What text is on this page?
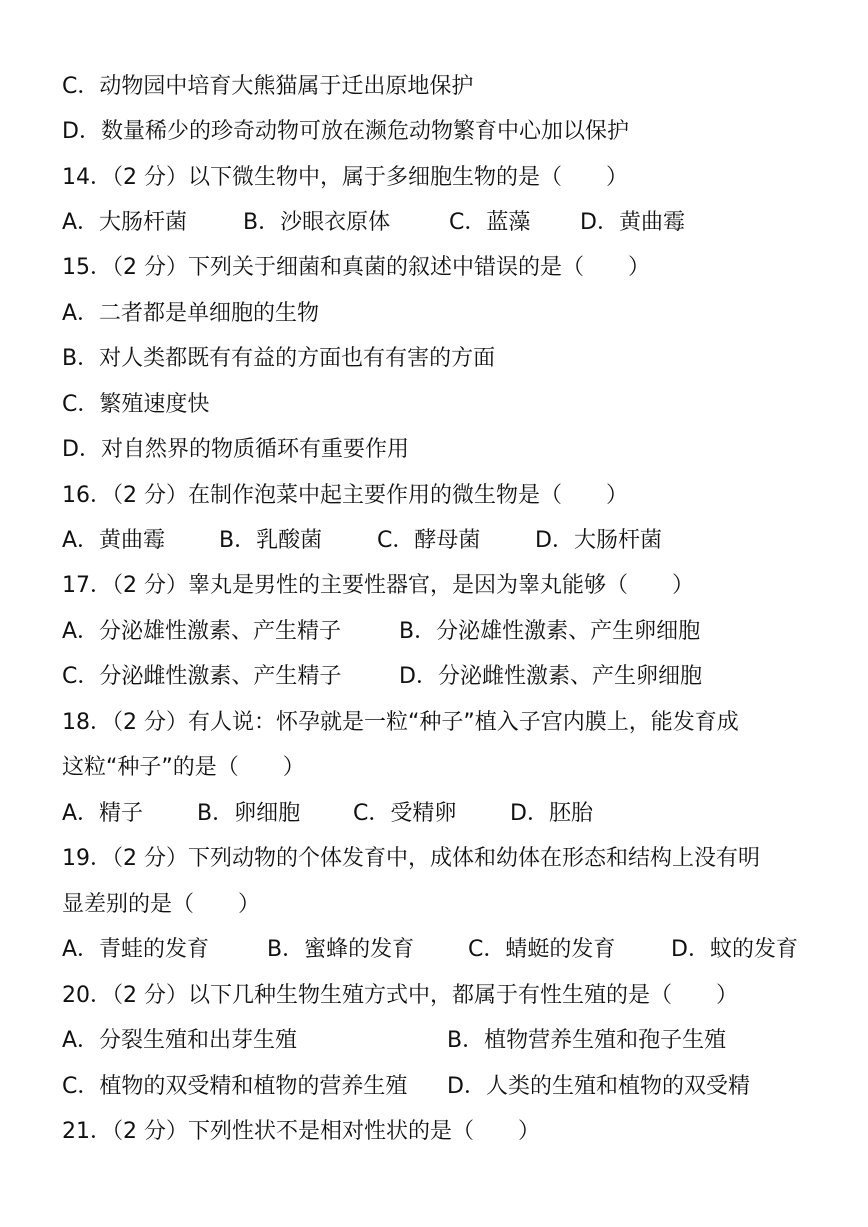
C．动物园中培育大熊猫属于迁出原地保护
D．数量稀少的珍奇动物可放在濒危动物繁育中心加以保护
14．（2 分）以下微生物中，属于多细胞生物的是（　　）
A．大肠杆菌	B．沙眼衣原体	C．蓝藻 D．黄曲霉
15．（2 分）下列关于细菌和真菌的叙述中错误的是（　　）
A．二者都是单细胞的生物
B．对人类都既有有益的方面也有有害的方面
C．繁殖速度快
D．对自然界的物质循环有重要作用
16．（2 分）在制作泡菜中起主要作用的微生物是（　　）
A．黄曲霉 B．乳酸菌 C．酵母菌 D．大肠杆菌
17．（2 分）睾丸是男性的主要性器官，是因为睾丸能够（　　）
A．分泌雄性激素、产生精子	B．分泌雄性激素、产生卵细胞
C．分泌雌性激素、产生精子	D．分泌雌性激素、产生卵细胞
18．（2 分）有人说：怀孕就是一粒“种子”植入子宫内膜上，能发育成
这粒“种子”的是（　　）
A．精子 B．卵细胞 C．受精卵 D．胚胎
19．（2 分）下列动物的个体发育中，成体和幼体在形态和结构上没有明
显差别的是（　　）
A．青蛙的发育	B．蜜蜂的发育 C．蜻蜓的发育	D．蚊的发育
20．（2 分）以下几种生物生殖方式中，都属于有性生殖的是（　　）
A．分裂生殖和出芽生殖	B．植物营养生殖和孢子生殖
C．植物的双受精和植物的营养生殖 D．人类的生殖和植物的双受精
21．（2 分）下列性状不是相对性状的是（　　）
